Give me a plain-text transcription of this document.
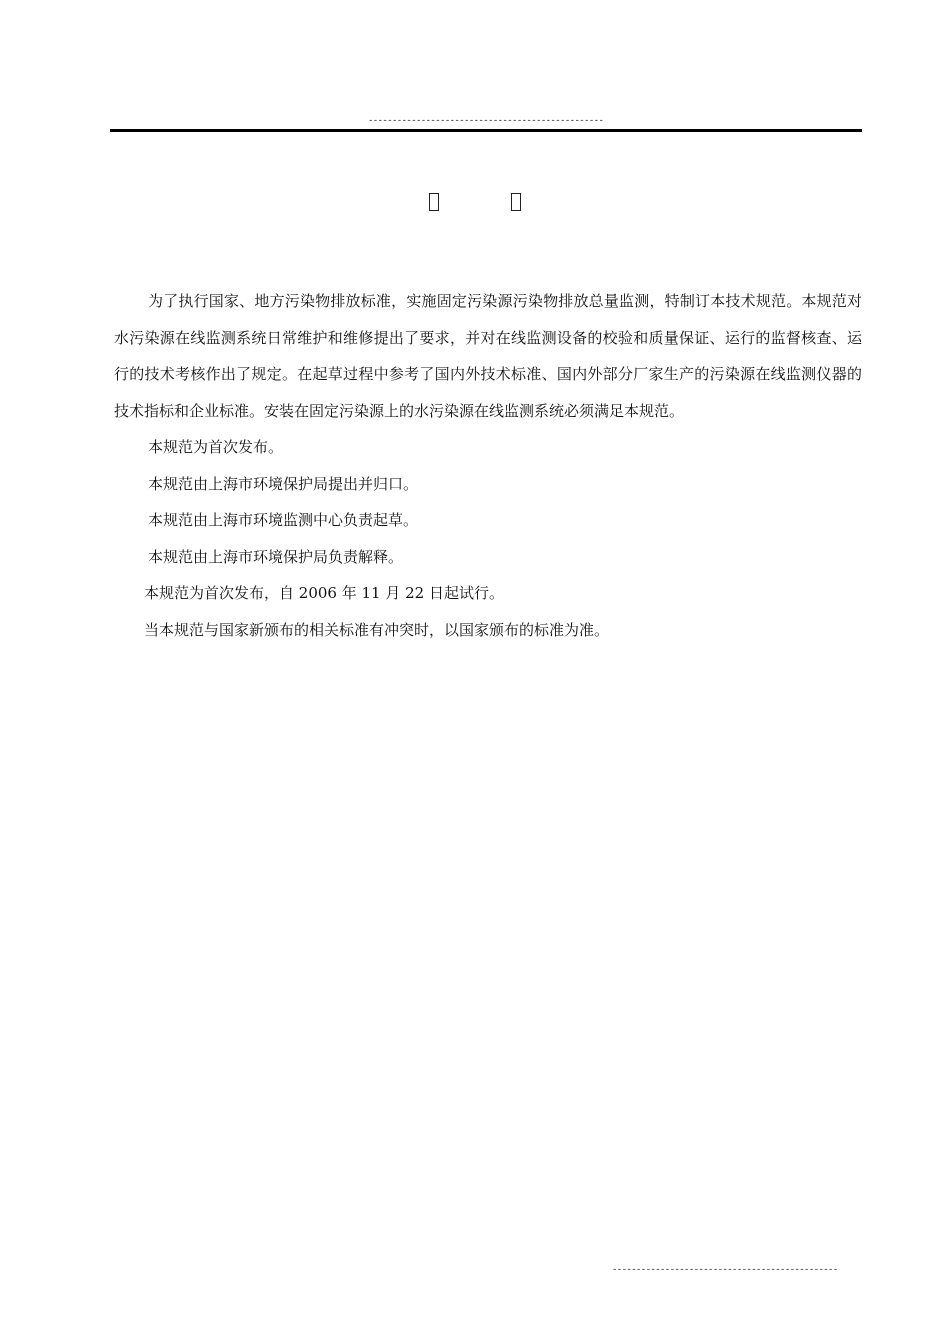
-------------------------------------------------

为了执行国家、地方污染物排放标准，实施固定污染源污染物排放总量监测，特制订本技术规范。本规范对水污染源在线监测系统日常维护和维修提出了要求，并对在线监测设备的校验和质量保证、运行的监督核查、运行的技术考核作出了规定。在起草过程中参考了国内外技术标准、国内外部分厂家生产的污染源在线监测仪器的技术指标和企业标准。安装在固定污染源上的水污染源在线监测系统必须满足本规范。

本规范为首次发布。

本规范由上海市环境保护局提出并归口。

本规范由上海市环境监测中心负责起草。

本规范由上海市环境保护局负责解释。

本规范为首次发布，自 2006 年 11 月 22 日起试行。

当本规范与国家新颁布的相关标准有冲突时，以国家颁布的标准为准。

-----------------------------------------------
